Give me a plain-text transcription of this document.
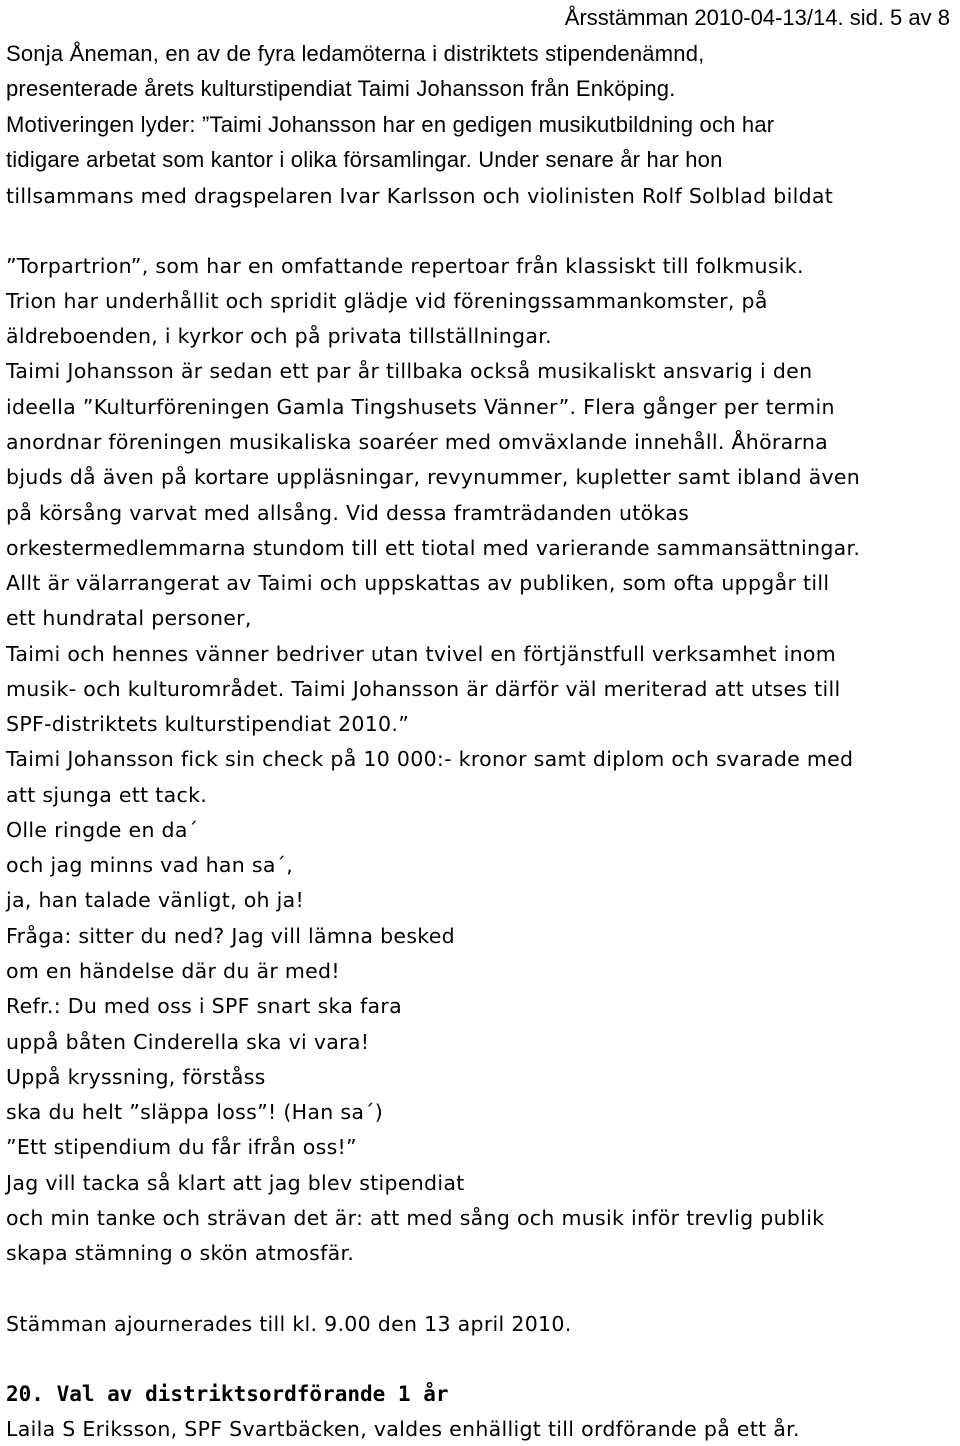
Årsstämman 2010-04-13/14. sid. 5 av 8
Sonja Åneman, en av de fyra ledamöterna i distriktets stipendenämnd,
presenterade årets kulturstipendiat Taimi Johansson från Enköping.
Motiveringen lyder: ”Taimi Johansson har en gedigen musikutbildning och har
tidigare arbetat som kantor i olika församlingar. Under senare år har hon
tillsammans med dragspelaren Ivar Karlsson och violinisten Rolf Solblad bildat
”Torpartrion”, som har en omfattande repertoar från klassiskt till folkmusik.
Trion har underhållit och spridit glädje vid föreningssammankomster, på
äldreboenden, i kyrkor och på privata tillställningar.
Taimi Johansson är sedan ett par år tillbaka också musikaliskt ansvarig i den
ideella ”Kulturföreningen Gamla Tingshusets Vänner”. Flera gånger per termin
anordnar föreningen musikaliska soaréer med omväxlande innehåll. Åhörarna
bjuds då även på kortare uppläsningar, revynummer, kupletter samt ibland även
på körsång varvat med allsång. Vid dessa framträdanden utökas
orkestermedlemmarna stundom till ett tiotal med varierande sammansättningar.
Allt är välarrangerat av Taimi och uppskattas av publiken, som ofta uppgår till
ett hundratal personer,
Taimi och hennes vänner bedriver utan tvivel en förtjänstfull verksamhet inom
musik- och kulturområdet. Taimi Johansson är därför väl meriterad att utses till
SPF-distriktets kulturstipendiat 2010.”
Taimi Johansson fick sin check på 10 000:- kronor samt diplom och svarade med
att sjunga ett tack.
Olle ringde en da´
och jag minns vad han sa´,
ja, han talade vänligt, oh ja!
Fråga: sitter du ned? Jag vill lämna besked
om en händelse där du är med!
Refr.: Du med oss i SPF snart ska fara
uppå båten Cinderella ska vi vara!
Uppå kryssning, förståss
ska du helt ”släppa loss”! (Han sa´)
”Ett stipendium du får ifrån oss!”
Jag vill tacka så klart att jag blev stipendiat
och min tanke och strävan det är: att med sång och musik inför trevlig publik
skapa stämning o skön atmosfär.
Stämman ajournerades till kl. 9.00 den 13 april 2010.
20. Val av distriktsordförande 1 år
Laila S Eriksson, SPF Svartbäcken, valdes enhälligt till ordförande på ett år.
